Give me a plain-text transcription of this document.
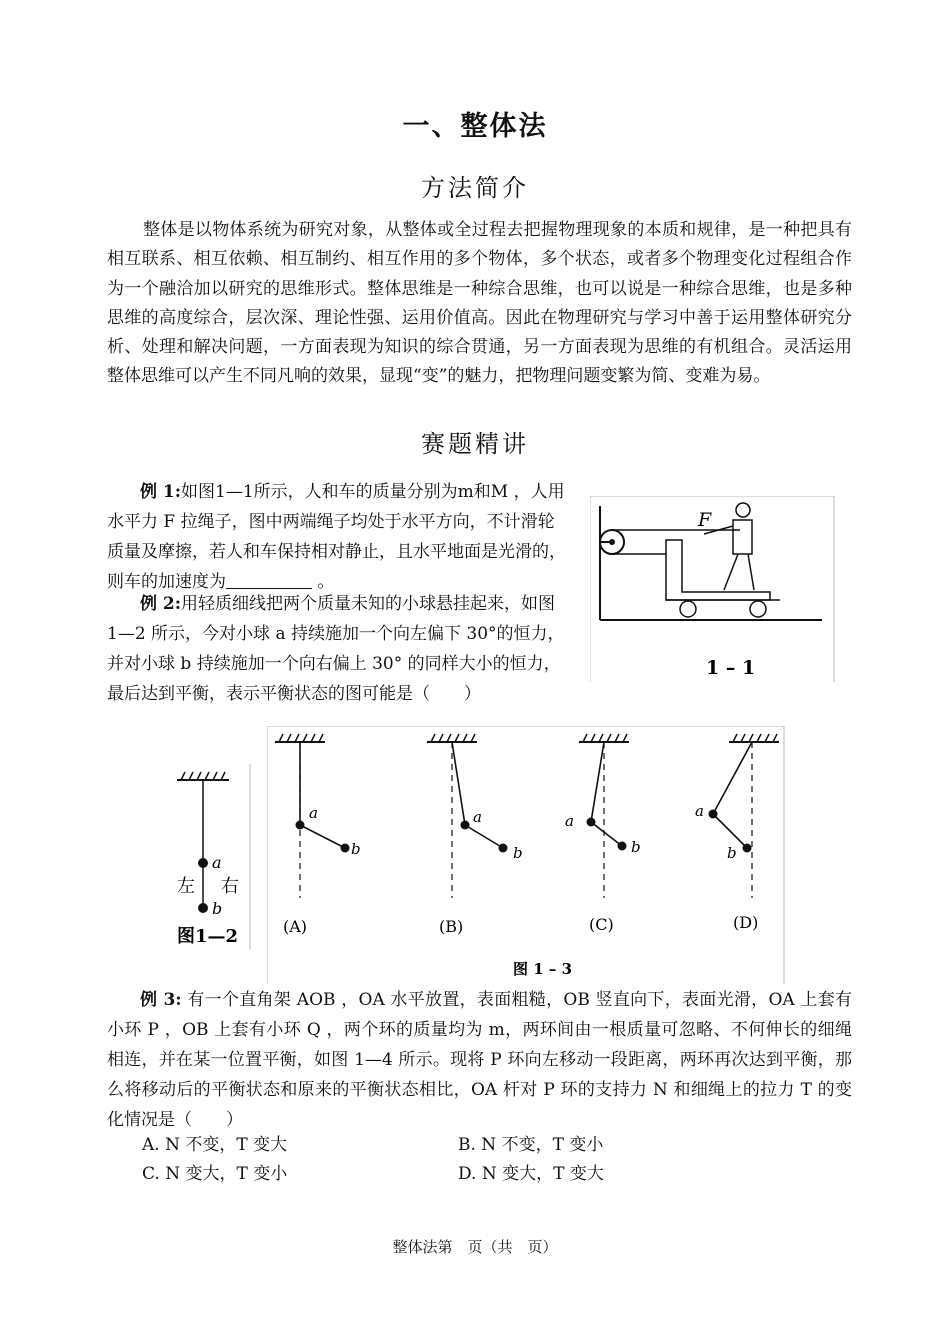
一、整体法
方法简介

整体是以物体系统为研究对象，从整体或全过程去把握物理现象的本质和规律，是一种把具有相互联系、相互依赖、相互制约、相互作用的多个物体，多个状态，或者多个物理变化过程组合作为一个融洽加以研究的思维形式。整体思维是一种综合思维，也可以说是一种综合思维，也是多种思维的高度综合，层次深、理论性强、运用价值高。因此在物理研究与学习中善于运用整体研究分析、处理和解决问题，一方面表现为知识的综合贯通，另一方面表现为思维的有机组合。灵活运用整体思维可以产生不同凡响的效果，显现“变”的魅力，把物理问题变繁为简、变难为易。

赛题精讲

例 1:如图1—1所示，人和车的质量分别为m和M ，人用水平力 F 拉绳子，图中两端绳子均处于水平方向，不计滑轮质量及摩擦，若人和车保持相对静止，且水平地面是光滑的，则车的加速度为	。

例 2:用轻质细线把两个质量未知的小球悬挂起来，如图 1—2 所示，今对小球 a 持续施加一个向左偏下 30°的恒力，并对小球 b 持续施加一个向右偏上 30° 的同样大小的恒力，最后达到平衡，表示平衡状态的图可能是（　　）

F
1 – 1
a
b
左 右
图1—2
a
b
(A)
a
b
(B)
a
b
(C)
a
b
(D)
图 1 – 3

例 3: 有一个直角架 AOB ，OA 水平放置，表面粗糙，OB 竖直向下，表面光滑，OA 上套有小环 P ，OB 上套有小环 Q ，两个环的质量均为 m，两环间由一根质量可忽略、不何伸长的细绳相连，并在某一位置平衡，如图 1—4 所示。现将 P 环向左移动一段距离，两环再次达到平衡，那么将移动后的平衡状态和原来的平衡状态相比，OA 杆对 P 环的支持力 N 和细绳上的拉力 T 的变化情况是（　　）

A. N 不变，T 变大	B. N 不变，T 变小
C. N 变大，T 变小	D. N 变大，T 变大
整体法第　页（共　页）
